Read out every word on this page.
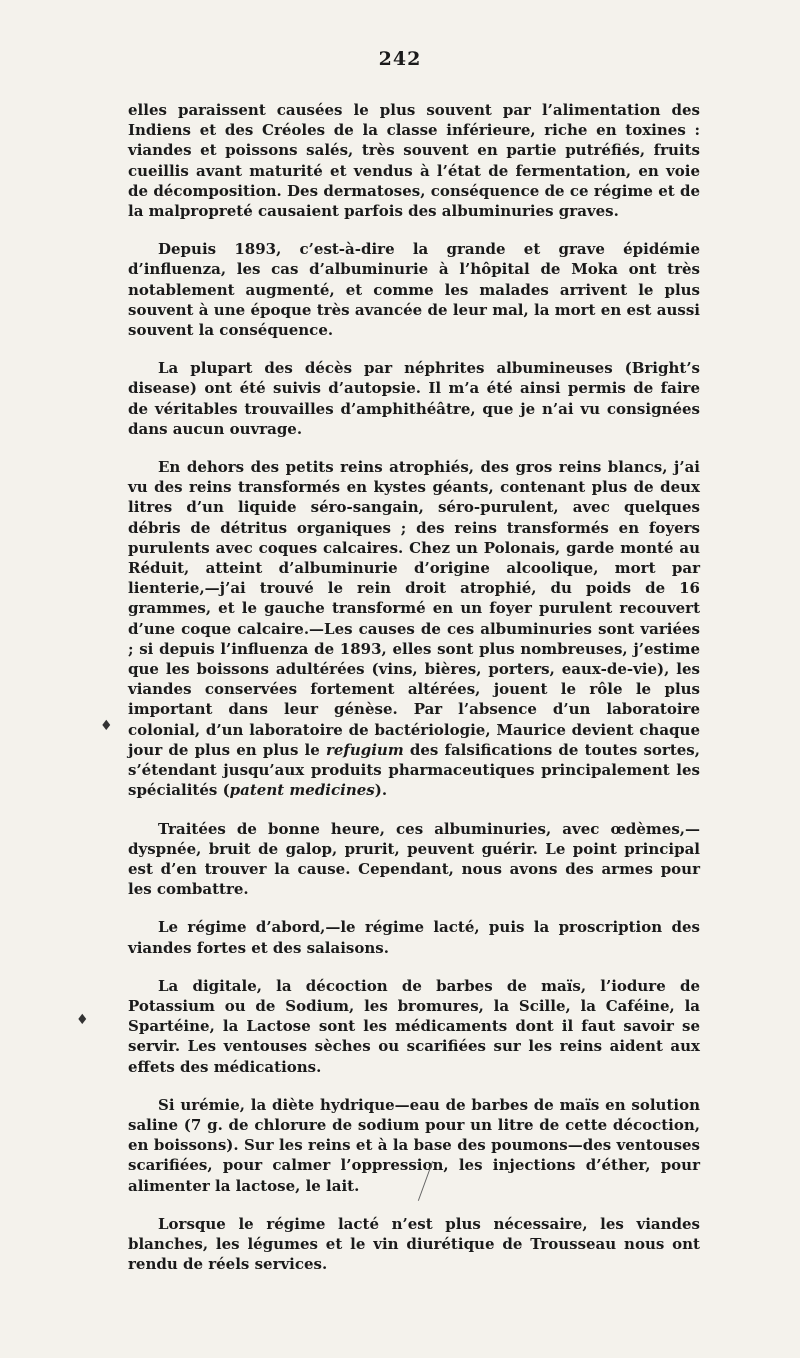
242
♦
♦

elles paraissent causées le plus souvent par l’alimentation des Indiens et des Créoles de la classe inférieure, riche en toxines : viandes et poissons salés, très souvent en partie putréfiés, fruits cueillis avant maturité et vendus à l’état de fermentation, en voie de décomposition. Des dermatoses, conséquence de ce régime et de la malpropreté causaient parfois des albuminuries graves.

Depuis 1893, c’est-à-dire la grande et grave épidémie d’influenza, les cas d’albuminurie à l’hôpital de Moka ont très notablement augmenté, et comme les malades arrivent le plus souvent à une époque très avancée de leur mal, la mort en est aussi souvent la conséquence.

La plupart des décès par néphrites albumineuses (Bright’s disease) ont été suivis d’autopsie. Il m’a été ainsi permis de faire de véritables trouvailles d’amphithéâtre, que je n’ai vu consignées dans aucun ouvrage.

En dehors des petits reins atrophiés, des gros reins blancs, j’ai vu des reins transformés en kystes géants, contenant plus de deux litres d’un liquide séro-sangain, séro-purulent, avec quelques débris de détritus organiques ; des reins transformés en foyers purulents avec coques calcaires. Chez un Polonais, garde monté au Réduit, atteint d’albuminurie d’origine alcoolique, mort par lienterie,—j’ai trouvé le rein droit atrophié, du poids de 16 grammes, et le gauche transformé en un foyer purulent recouvert d’une coque calcaire.—Les causes de ces albuminuries sont variées ; si depuis l’influenza de 1893, elles sont plus nombreuses, j’estime que les boissons adultérées (vins, bières, porters, eaux-de-vie), les viandes conservées fortement altérées, jouent le rôle le plus important dans leur génèse. Par l’absence d’un laboratoire colonial, d’un laboratoire de bactériologie, Maurice devient chaque jour de plus en plus le refugium des falsifications de toutes sortes, s’étendant jusqu’aux produits pharmaceutiques principalement les spécialités (patent medicines).

Traitées de bonne heure, ces albuminuries, avec œdèmes,—dyspnée, bruit de galop, prurit, peuvent guérir. Le point principal est d’en trouver la cause. Cependant, nous avons des armes pour les combattre.

Le régime d’abord,—le régime lacté, puis la proscription des viandes fortes et des salaisons.

La digitale, la décoction de barbes de maïs, l’iodure de Potassium ou de Sodium, les bromures, la Scille, la Caféine, la Spartéine, la Lactose sont les médicaments dont il faut savoir se servir. Les ventouses sèches ou scarifiées sur les reins aident aux effets des médications.

Si urémie, la diète hydrique—eau de barbes de maïs en solution saline (7 g. de chlorure de sodium pour un litre de cette décoction, en boissons). Sur les reins et à la base des poumons—des ventouses scarifiées, pour calmer l’oppression, les injections d’éther, pour alimenter la lactose, le lait.

Lorsque le régime lacté n’est plus nécessaire, les viandes blanches, les légumes et le vin diurétique de Trousseau nous ont rendu de réels services.
